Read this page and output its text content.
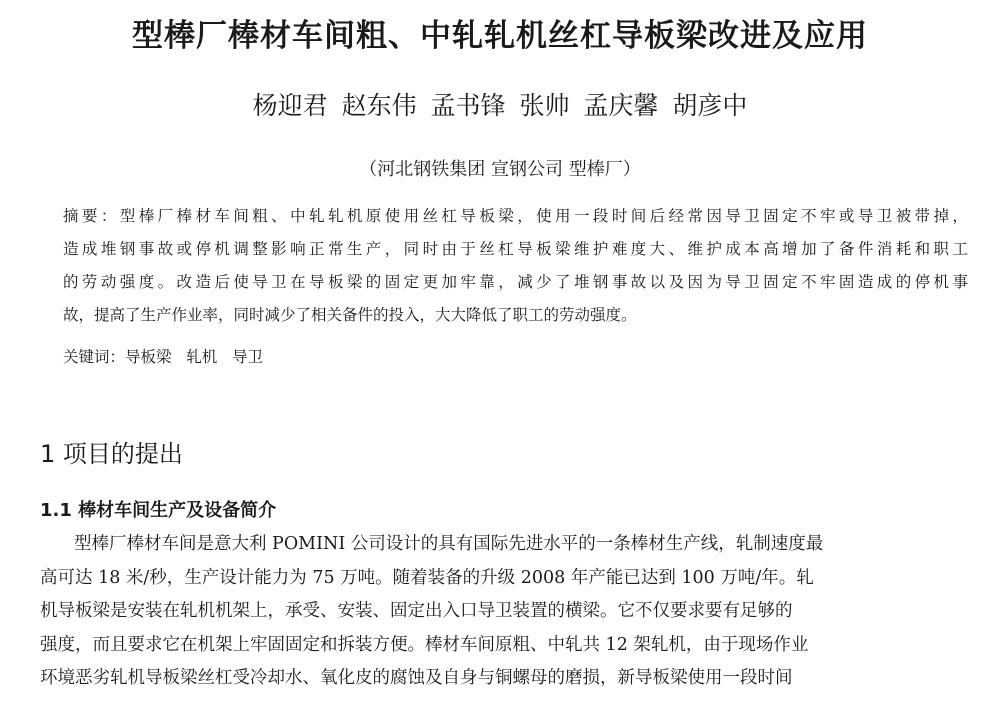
型棒厂棒材车间粗、中轧轧机丝杠导板梁改进及应用
杨迎君 赵东伟 孟书锋 张帅 孟庆馨 胡彦中
（河北钢铁集团 宣钢公司 型棒厂）
摘要：型棒厂棒材车间粗、中轧轧机原使用丝杠导板梁，使用一段时间后经常因导卫固定不牢或导卫被带掉，
造成堆钢事故或停机调整影响正常生产，同时由于丝杠导板梁维护难度大、维护成本高增加了备件消耗和职工
的劳动强度。改造后使导卫在导板梁的固定更加牢靠，减少了堆钢事故以及因为导卫固定不牢固造成的停机事
故，提高了生产作业率，同时减少了相关备件的投入，大大降低了职工的劳动强度。
关键词：导板梁   轧机   导卫
1 项目的提出
1.1 棒材车间生产及设备简介
型棒厂棒材车间是意大利 POMINI 公司设计的具有国际先进水平的一条棒材生产线，轧制速度最
高可达 18 米/秒，生产设计能力为 75 万吨。随着装备的升级 2008 年产能已达到 100 万吨/年。轧
机导板梁是安装在轧机机架上，承受、安装、固定出入口导卫装置的横梁。它不仅要求要有足够的
强度，而且要求它在机架上牢固固定和拆装方便。棒材车间原粗、中轧共 12 架轧机，由于现场作业
环境恶劣轧机导板梁丝杠受冷却水、氧化皮的腐蚀及自身与铜螺母的磨损，新导板梁使用一段时间
